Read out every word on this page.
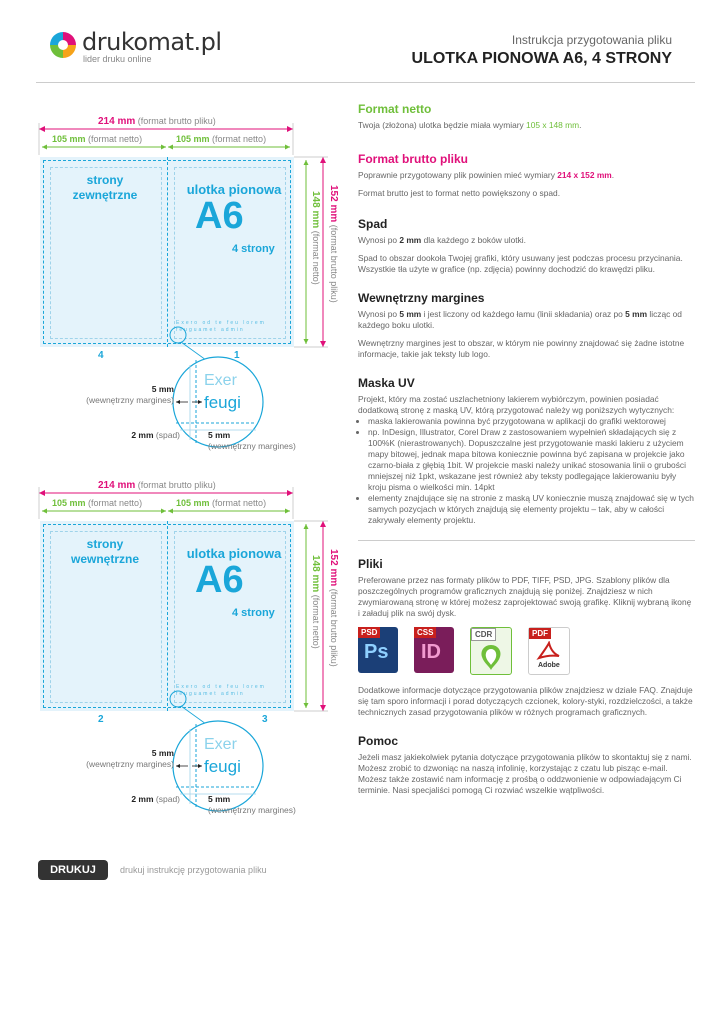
drukomat.pl
lider druku online
Instrukcja przygotowania pliku
ULOTKA PIONOWA A6, 4 STRONY
214 mm (format brutto pliku)
105 mm (format netto)	105 mm (format netto)
strony zewnętrzne	ulotka pionowa
A6
4 strony
Exero od te feu lorem feuguamet admin
152 mm (format brutto pliku)
148 mm (format netto)
4	1
Exer
feugi
5 mm
(wewnętrzny margines)
2 mm (spad)	5 mm
(wewnętrzny margines)
214 mm (format brutto pliku)
105 mm (format netto)	105 mm (format netto)
strony wewnętrzne	ulotka pionowa
A6
4 strony
Exero od te feu lorem feuguamet admin
152 mm (format brutto pliku)
148 mm (format netto)
2	3
Exer
feugi
5 mm
(wewnętrzny margines)
2 mm (spad)	5 mm
(wewnętrzny margines)
Format netto
Twoja (złożona) ulotka będzie miała wymiary 105 x 148 mm.
Format brutto pliku
Poprawnie przygotowany plik powinien mieć wymiary 214 x 152 mm.
Format brutto jest to format netto powiększony o spad.
Spad
Wynosi po 2 mm dla każdego z boków ulotki.
Spad to obszar dookoła Twojej grafiki, który usuwany jest podczas procesu przycinania. Wszystkie tła użyte w grafice (np. zdjęcia) powinny dochodzić do krawędzi pliku.
Wewnętrzny margines
Wynosi po 5 mm i jest liczony od każdego łamu (linii składania) oraz po 5 mm licząc od każdego boku ulotki.
Wewnętrzny margines jest to obszar, w którym nie powinny znajdować się żadne istotne informacje, takie jak teksty lub logo.
Maska UV
Projekt, który ma zostać uszlachetniony lakierem wybiórczym, powinien posiadać dodatkową stronę z maską UV, którą przygotować należy wg poniższych wytycznych:
• maska lakierowania powinna być przygotowana w aplikacji do grafiki wektorowej
• np. InDesign, Illustrator, Corel Draw z zastosowaniem wypełnień składających się z 100%K (nierastrowanych). Dopuszczalne jest przygotowanie maski lakieru z użyciem mapy bitowej, jednak mapa bitowa koniecznie powinna być zapisana w projekcie jako czarno-biała z głębią 1bit. W projekcie maski należy unikać stosowania linii o grubości mniejszej niż 1pkt, wskazane jest również aby teksty podlegające lakierowaniu były kroju pisma o wielkości min. 14pkt
• elementy znajdujące się na stronie z maską UV koniecznie muszą znajdować się w tych samych pozycjach w których znajdują się elementy projektu – tak, aby w całości zakrywały elementy projektu.
Pliki
Preferowane przez nas formaty plików to PDF, TIFF, PSD, JPG. Szablony plików dla poszczególnych programów graficznych znajdują się poniżej. Znajdziesz w nich zwymiarowaną stronę w której możesz zaprojektować swoją grafikę. Kliknij wybraną ikonę i załaduj plik na swój dysk.
PSD
Ps
CSS
ID
CDR	PDF
Adobe
Dodatkowe informacje dotyczące przygotowania plików znajdziesz w dziale FAQ. Znajduje się tam sporo informacji i porad dotyczących czcionek, kolory-styki, rozdzielczości, a także technicznych zasad przygotowania plików w różnych programach graficznych.
Pomoc
Jeżeli masz jakiekolwiek pytania dotyczące przygotowania plików to skontaktuj się z nami. Możesz zrobić to dzwoniąc na naszą infolinię, korzystając z czatu lub pisząc e-mail. Możesz także zostawić nam informację z prośbą o oddzwonienie w odpowiadającym Ci terminie. Nasi specjaliści pomogą Ci rozwiać wszelkie wątpliwości.
DRUKUJ	drukuj instrukcję przygotowania pliku
